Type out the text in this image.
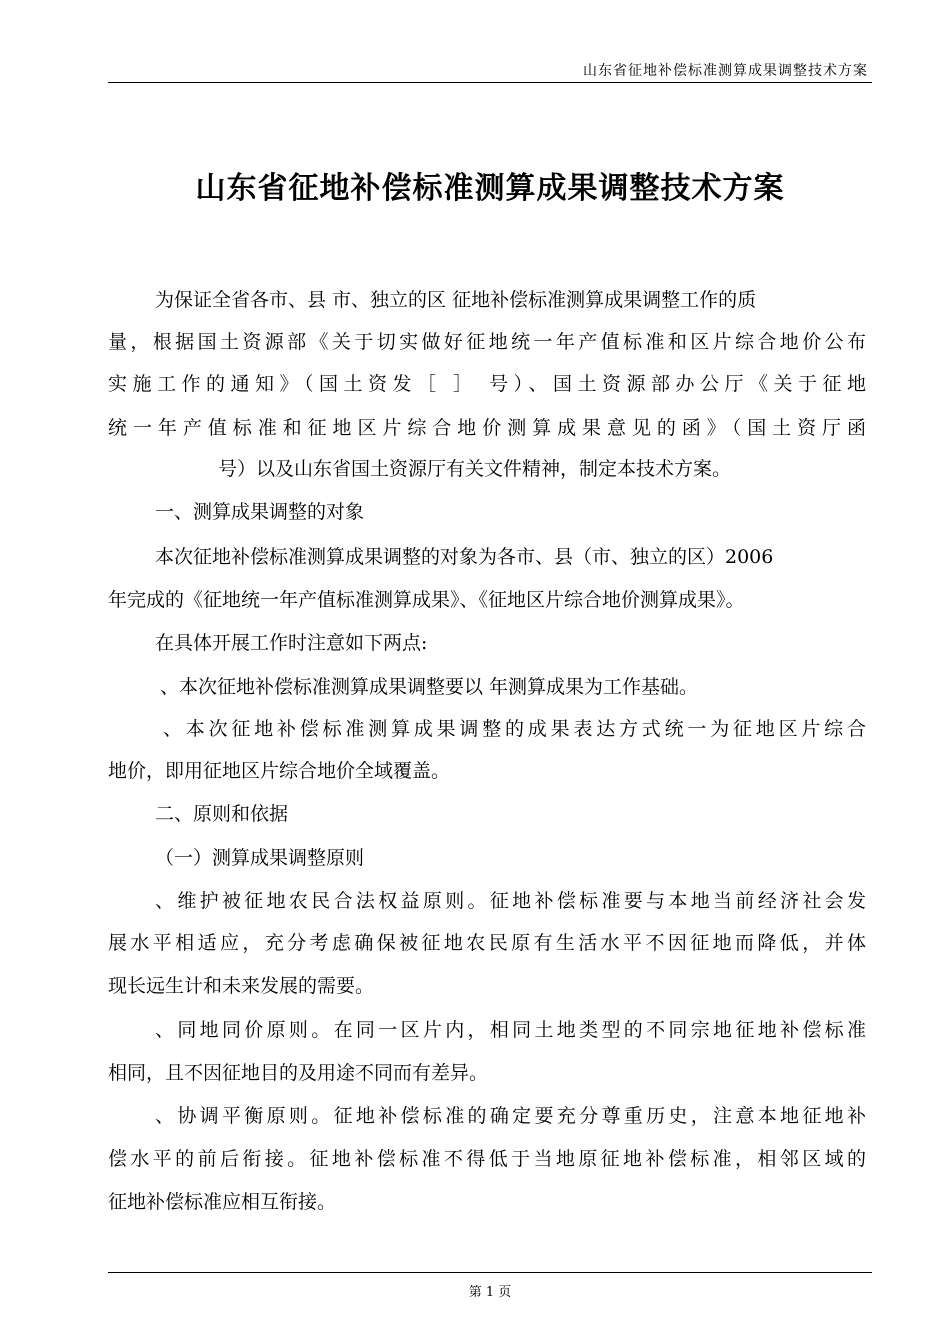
山东省征地补偿标准测算成果调整技术方案
山东省征地补偿标准测算成果调整技术方案
为保证全省各市、县 市、独立的区 征地补偿标准测算成果调整工作的质
量，根据国土资源部《关于切实做好征地统一年产值标准和区片综合地价公布
实施工作的通知》（国土资发［ ］ 号）、国土资源部办公厅《关于征地
统一年产值标准和征地区片综合地价测算成果意见的函》（国土资厅函
号）以及山东省国土资源厅有关文件精神，制定本技术方案。
一、测算成果调整的对象
本次征地补偿标准测算成果调整的对象为各市、县（市、独立的区）2006
年完成的《征地统一年产值标准测算成果》、《征地区片综合地价测算成果》。
在具体开展工作时注意如下两点:
、本次征地补偿标准测算成果调整要以 年测算成果为工作基础。
、本次征地补偿标准测算成果调整的成果表达方式统一为征地区片综合
地价，即用征地区片综合地价全域覆盖。
二、原则和依据
（一）测算成果调整原则
、维护被征地农民合法权益原则。征地补偿标准要与本地当前经济社会发
展水平相适应，充分考虑确保被征地农民原有生活水平不因征地而降低，并体
现长远生计和未来发展的需要。
、同地同价原则。在同一区片内，相同土地类型的不同宗地征地补偿标准
相同，且不因征地目的及用途不同而有差异。
、协调平衡原则。征地补偿标准的确定要充分尊重历史，注意本地征地补
偿水平的前后衔接。征地补偿标准不得低于当地原征地补偿标准，相邻区域的
征地补偿标准应相互衔接。
第 1 页
